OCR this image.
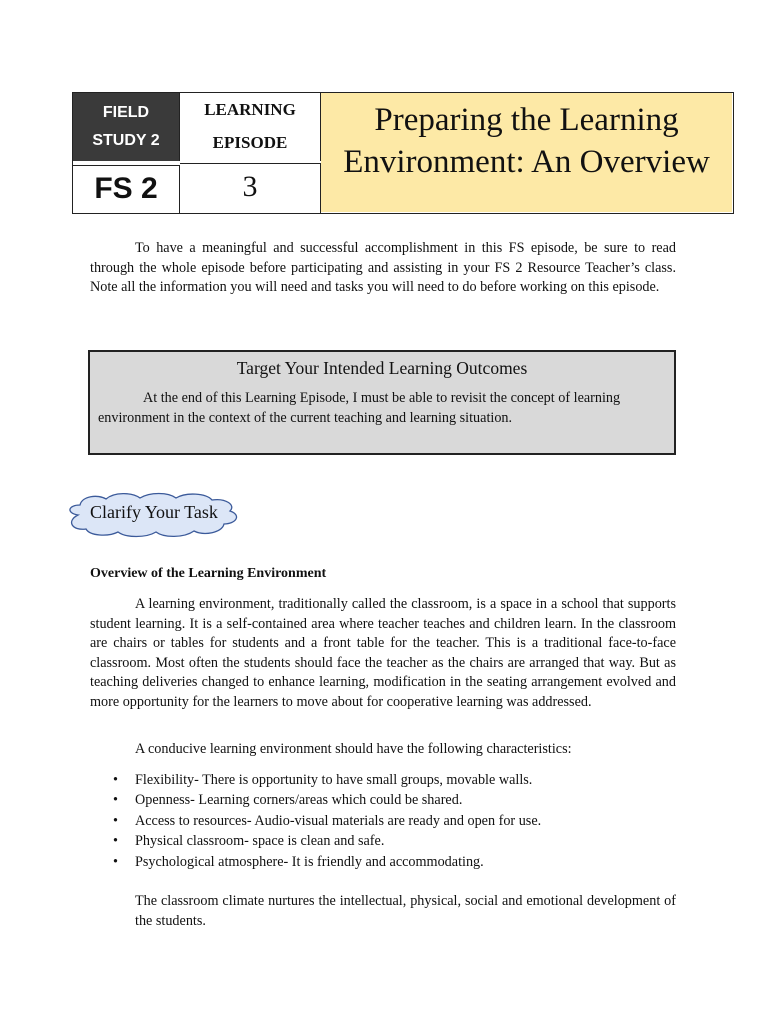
FIELD
STUDY 2
FS 2
LEARNING
EPISODE
3
Preparing the Learning
Environment: An Overview

To have a meaningful and successful accomplishment in this FS episode, be sure to read through the whole episode before participating and assisting in your FS 2 Resource Teacher’s class. Note all the information you will need and tasks you will need to do before working on this episode.

Target Your Intended Learning Outcomes
At the end of this Learning Episode, I must be able to revisit the concept of learning environment in the context of the current teaching and learning situation.
Clarify Your Task
Overview of the Learning Environment

A learning environment, traditionally called the classroom, is a space in a school that supports student learning. It is a self-contained area where teacher teaches and children learn. In the classroom are chairs or tables for students and a front table for the teacher. This is a traditional face-to-face classroom. Most often the students should face the teacher as the chairs are arranged that way. But as teaching deliveries changed to enhance learning, modification in the seating arrangement evolved and more opportunity for the learners to move about for cooperative learning was addressed.

A conducive learning environment should have the following characteristics:

• Flexibility- There is opportunity to have small groups, movable walls.
• Openness- Learning corners/areas which could be shared.
• Access to resources- Audio-visual materials are ready and open for use.
• Physical classroom- space is clean and safe.
• Psychological atmosphere- It is friendly and accommodating.

The classroom climate nurtures the intellectual, physical, social and emotional development of the students.
